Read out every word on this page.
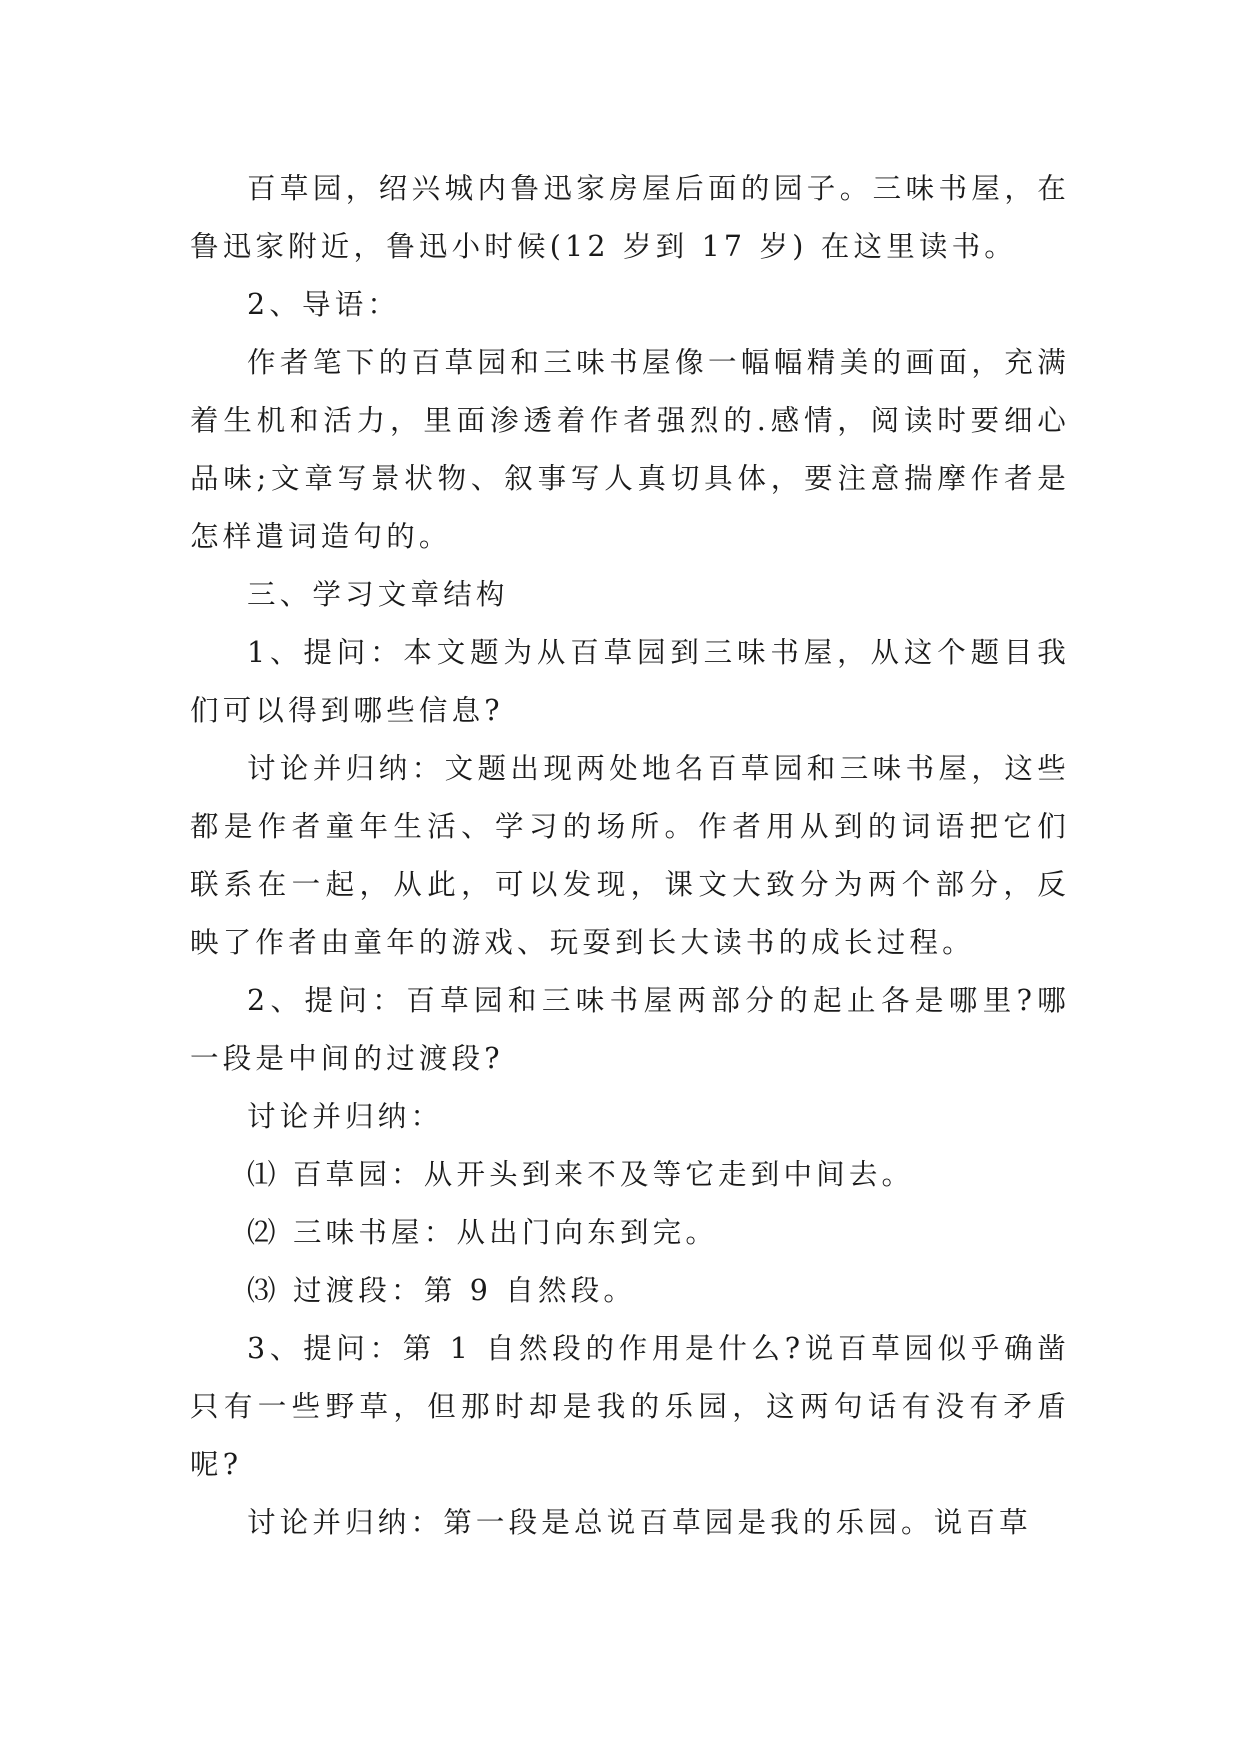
百草园，绍兴城内鲁迅家房屋后面的园子。三味书屋，在鲁迅家附近，鲁迅小时候(12 岁到 17 岁) 在这里读书。

2、导语：

作者笔下的百草园和三味书屋像一幅幅精美的画面，充满着生机和活力，里面渗透着作者强烈的.感情，阅读时要细心品味;文章写景状物、叙事写人真切具体，要注意揣摩作者是怎样遣词造句的。

三、学习文章结构

1、提问：本文题为从百草园到三味书屋，从这个题目我们可以得到哪些信息?

讨论并归纳：文题出现两处地名百草园和三味书屋，这些都是作者童年生活、学习的场所。作者用从到的词语把它们联系在一起，从此，可以发现，课文大致分为两个部分，反映了作者由童年的游戏、玩耍到长大读书的成长过程。

2、提问：百草园和三味书屋两部分的起止各是哪里?哪一段是中间的过渡段?

讨论并归纳：

⑴ 百草园：从开头到来不及等它走到中间去。

⑵ 三味书屋：从出门向东到完。

⑶ 过渡段：第 9 自然段。

3、提问：第 1 自然段的作用是什么?说百草园似乎确凿只有一些野草，但那时却是我的乐园，这两句话有没有矛盾呢?

讨论并归纳：第一段是总说百草园是我的乐园。说百草
